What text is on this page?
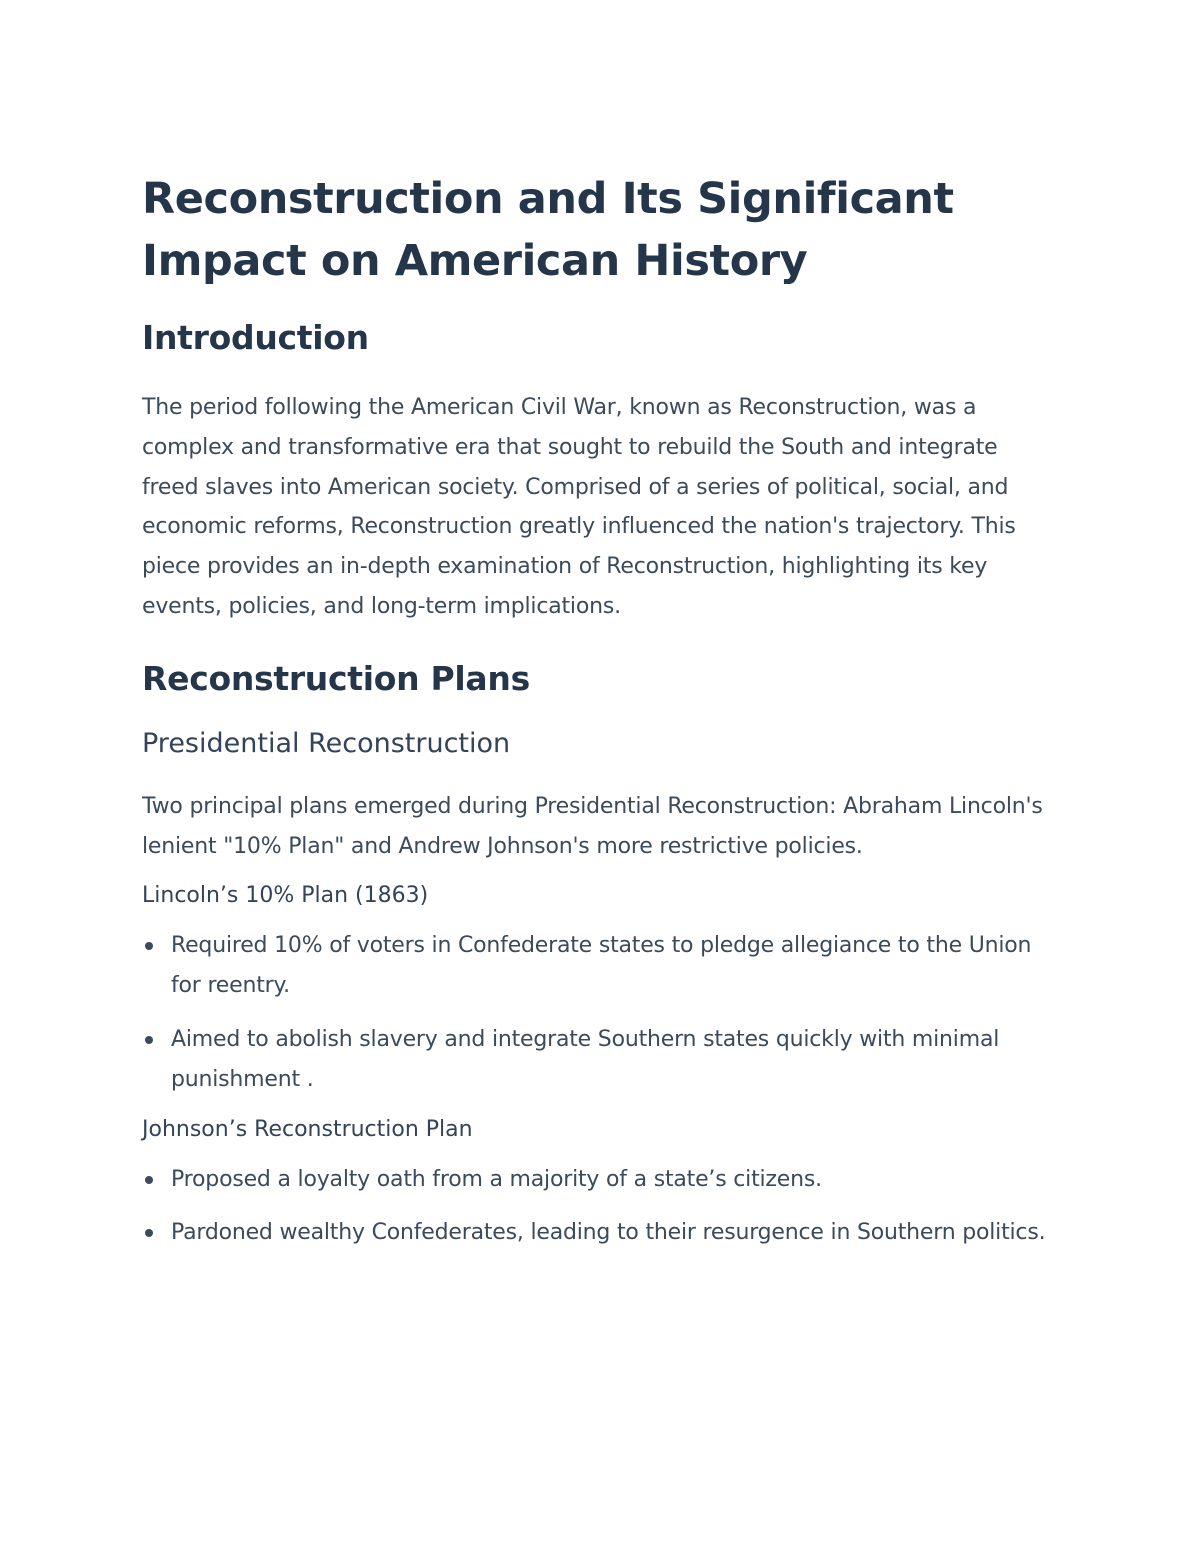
Reconstruction and Its Significant Impact on American History
Introduction

The period following the American Civil War, known as Reconstruction, was a complex and transformative era that sought to rebuild the South and integrate freed slaves into American society. Comprised of a series of political, social, and economic reforms, Reconstruction greatly influenced the nation's trajectory. This piece provides an in-depth examination of Reconstruction, highlighting its key events, policies, and long-term implications.

Reconstruction Plans
Presidential Reconstruction

Two principal plans emerged during Presidential Reconstruction: Abraham Lincoln's lenient "10% Plan" and Andrew Johnson's more restrictive policies.

Lincoln’s 10% Plan (1863)
Required 10% of voters in Confederate states to pledge allegiance to the Union for reentry.
Aimed to abolish slavery and integrate Southern states quickly with minimal punishment .
Johnson’s Reconstruction Plan
Proposed a loyalty oath from a majority of a state’s citizens.
Pardoned wealthy Confederates, leading to their resurgence in Southern politics.
